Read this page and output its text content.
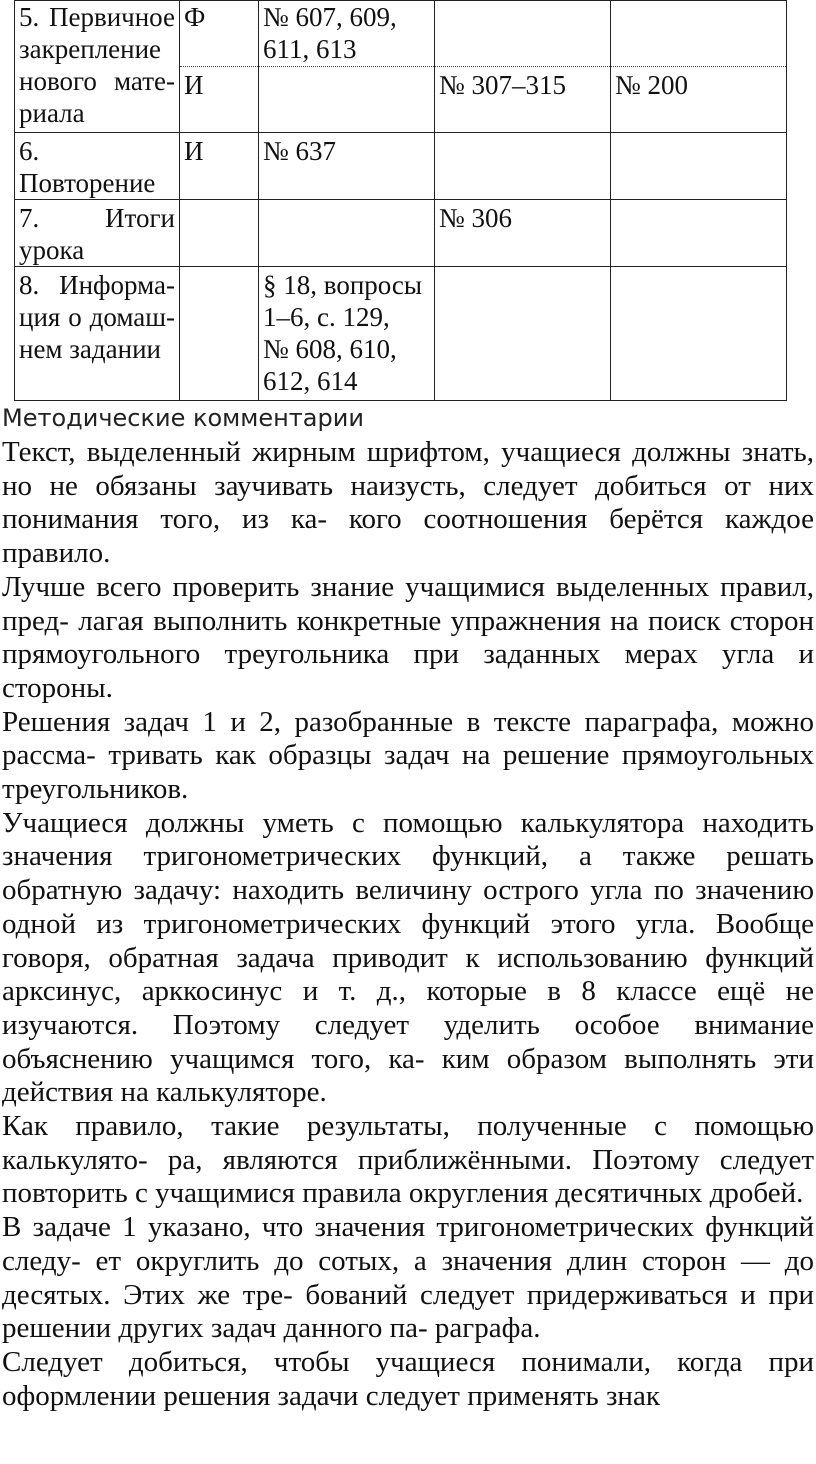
5. Первичное
закрепление
нового мате-
риала	Ф	№ 607, 609,
611, 613		

	И		№ 307–315	№ 200

6.
Повторение	И	№ 637		

7. Итоги
урока			№ 306	

8. Информа-
ция о домаш-
нем задании		§ 18, вопросы
1–6, с. 129,
№ 608, 610,
612, 614		

Методические комментарии

Текст, выделенный жирным шрифтом, учащиеся должны знать, но не обязаны заучивать наизусть, следует добиться от них понимания того, из ка- кого соотношения берётся каждое правило.

Лучше всего проверить знание учащимися выделенных правил, пред- лагая выполнить конкретные упражнения на поиск сторон прямоугольного треугольника при заданных мерах угла и стороны.

Решения задач 1 и 2, разобранные в тексте параграфа, можно рассма- тривать как образцы задач на решение прямоугольных треугольников.

Учащиеся должны уметь с помощью калькулятора находить значения тригонометрических функций, а также решать обратную задачу: находить величину острого угла по значению одной из тригонометрических функций этого угла. Вообще говоря, обратная задача приводит к использованию функций арксинус, арккосинус и т. д., которые в 8 классе ещё не изучаются. Поэтому следует уделить особое внимание объяснению учащимся того, ка- ким образом выполнять эти действия на калькуляторе.

Как правило, такие результаты, полученные с помощью калькулято- ра, являются приближёнными. Поэтому следует повторить с учащимися правила округления десятичных дробей.

В задаче 1 указано, что значения тригонометрических функций следу- ет округлить до сотых, а значения длин сторон — до десятых. Этих же тре- бований следует придерживаться и при решении других задач данного па- раграфа.

Следует добиться, чтобы учащиеся понимали, когда при оформлении решения задачи следует применять знак
